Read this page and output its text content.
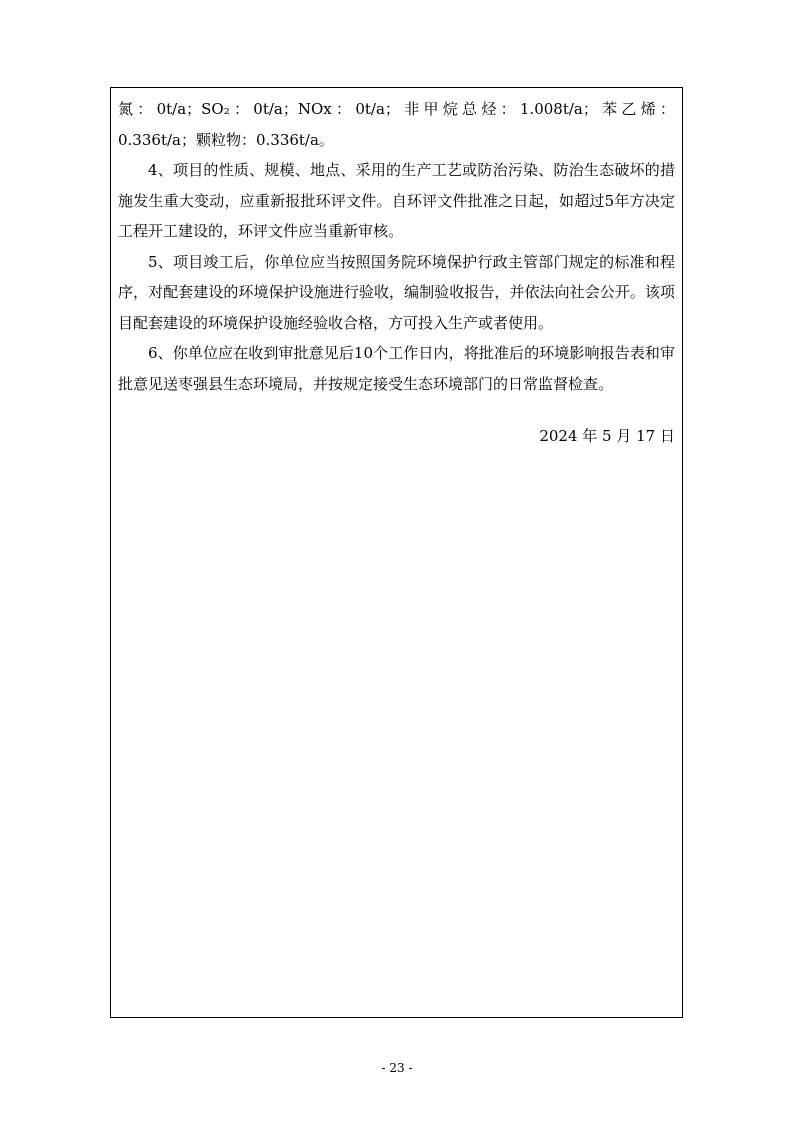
氮：0t/a；SO₂：0t/a；NOx：0t/a；非甲烷总烃：1.008t/a；苯乙烯：0.336t/a；颗粒物：0.336t/a。

4、项目的性质、规模、地点、采用的生产工艺或防治污染、防治生态破坏的措施发生重大变动，应重新报批环评文件。自环评文件批准之日起，如超过5年方决定工程开工建设的，环评文件应当重新审核。

5、项目竣工后，你单位应当按照国务院环境保护行政主管部门规定的标准和程序，对配套建设的环境保护设施进行验收，编制验收报告，并依法向社会公开。该项目配套建设的环境保护设施经验收合格，方可投入生产或者使用。

6、你单位应在收到审批意见后10个工作日内，将批准后的环境影响报告表和审批意见送枣强县生态环境局，并按规定接受生态环境部门的日常监督检查。

2024 年 5 月 17 日

- 23 -
